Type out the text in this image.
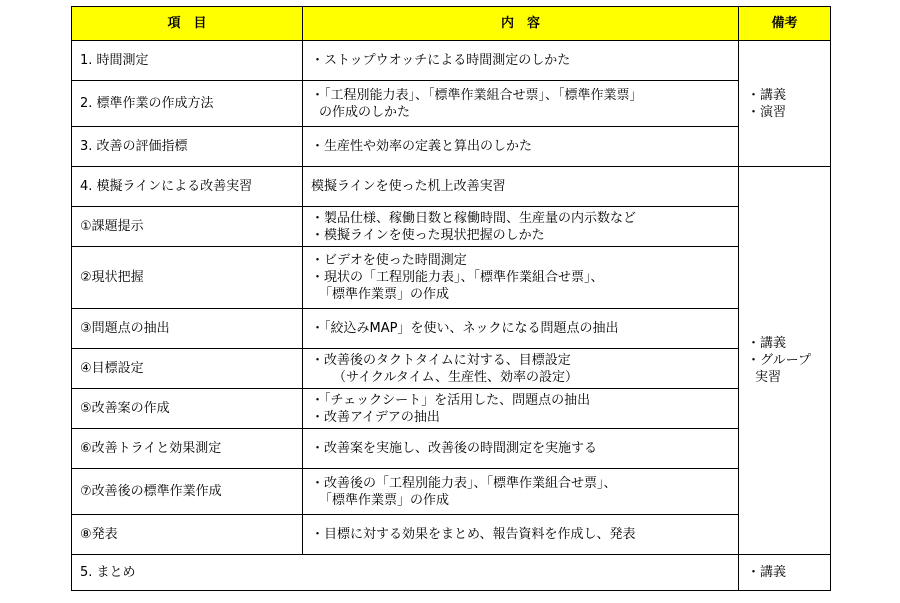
項　目	内　容	備考
1. 時間測定	・ストップウオッチによる時間測定のしかた	・講義
・演習

2. 標準作業の作成方法	・「工程別能力表」、「標準作業組合せ票」、「標準作業票」
の作成のしかた	

3. 改善の評価指標	・生産性や効率の定義と算出のしかた	

4. 模擬ラインによる改善実習	模擬ラインを使った机上改善実習	・講義
・グループ
実習

①課題提示	・製品仕様、稼働日数と稼働時間、生産量の内示数など
・模擬ラインを使った現状把握のしかた	

②現状把握	・ビデオを使った時間測定
・現状の「工程別能力表」、「標準作業組合せ票」、
「標準作業票」の作成	

③問題点の抽出	・「絞込みMAP」を使い、ネックになる問題点の抽出	

④目標設定	・改善後のタクトタイムに対する、目標設定
（サイクルタイム、生産性、効率の設定）	

⑤改善案の作成	・「チェックシート」を活用した、問題点の抽出
・改善アイデアの抽出	

⑥改善トライと効果測定	・改善案を実施し、改善後の時間測定を実施する	

⑦改善後の標準作業作成	・改善後の「工程別能力表」、「標準作業組合せ票」、
「標準作業票」の作成	

⑧発表	・目標に対する効果をまとめ、報告資料を作成し、発表	

5. まとめ		・講義
